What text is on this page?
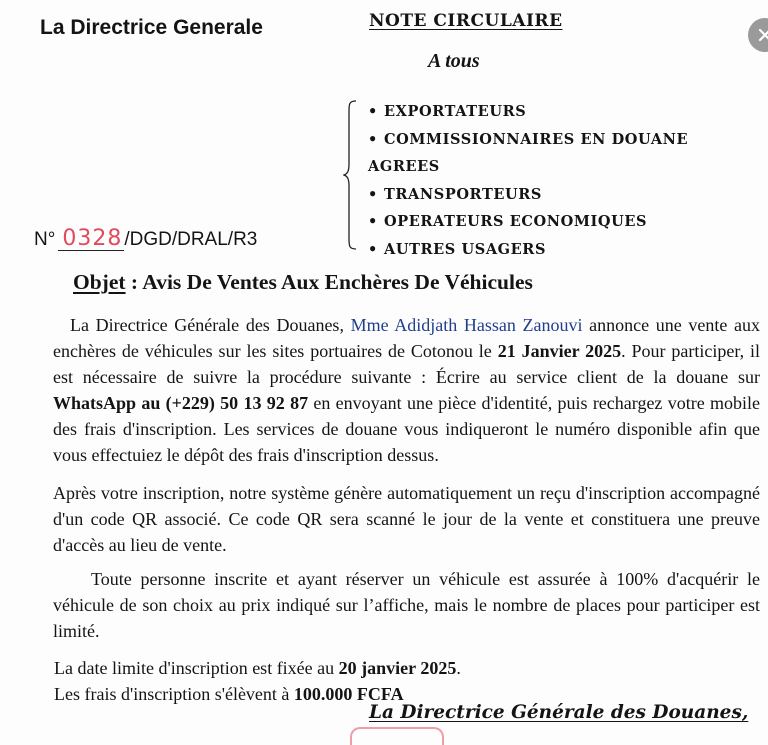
La Directrice Generale	NOTE CIRCULAIRE
A tous
• EXPORTATEURS
• COMMISSIONNAIRES EN DOUANE
AGREES
• TRANSPORTEURS
• OPERATEURS ECONOMIQUES
• AUTRES USAGERS
N° 0328 /DGD/DRAL/R3
Objet : Avis De Ventes Aux Enchères De Véhicules

La Directrice Générale des Douanes, Mme Adidjath Hassan Zanouvi annonce une vente aux enchères de véhicules sur les sites portuaires de Cotonou le 21 Janvier 2025. Pour participer, il est nécessaire de suivre la procédure suivante : Écrire au service client de la douane sur WhatsApp au (+229) 50 13 92 87 en envoyant une pièce d'identité, puis rechargez votre mobile des frais d'inscription. Les services de douane vous indiqueront le numéro disponible afin que vous effectuiez le dépôt des frais d'inscription dessus.

Après votre inscription, notre système génère automatiquement un reçu d'inscription accompagné d'un code QR associé. Ce code QR sera scanné le jour de la vente et constituera une preuve d'accès au lieu de vente.

Toute personne inscrite et ayant réserver un véhicule est assurée à 100% d'acquérir le véhicule de son choix au prix indiqué sur l’affiche, mais le nombre de places pour participer est limité.

La date limite d'inscription est fixée au 20 janvier 2025.
Les frais d'inscription s'élèvent à 100.000 FCFA
La Directrice Générale des Douanes,
